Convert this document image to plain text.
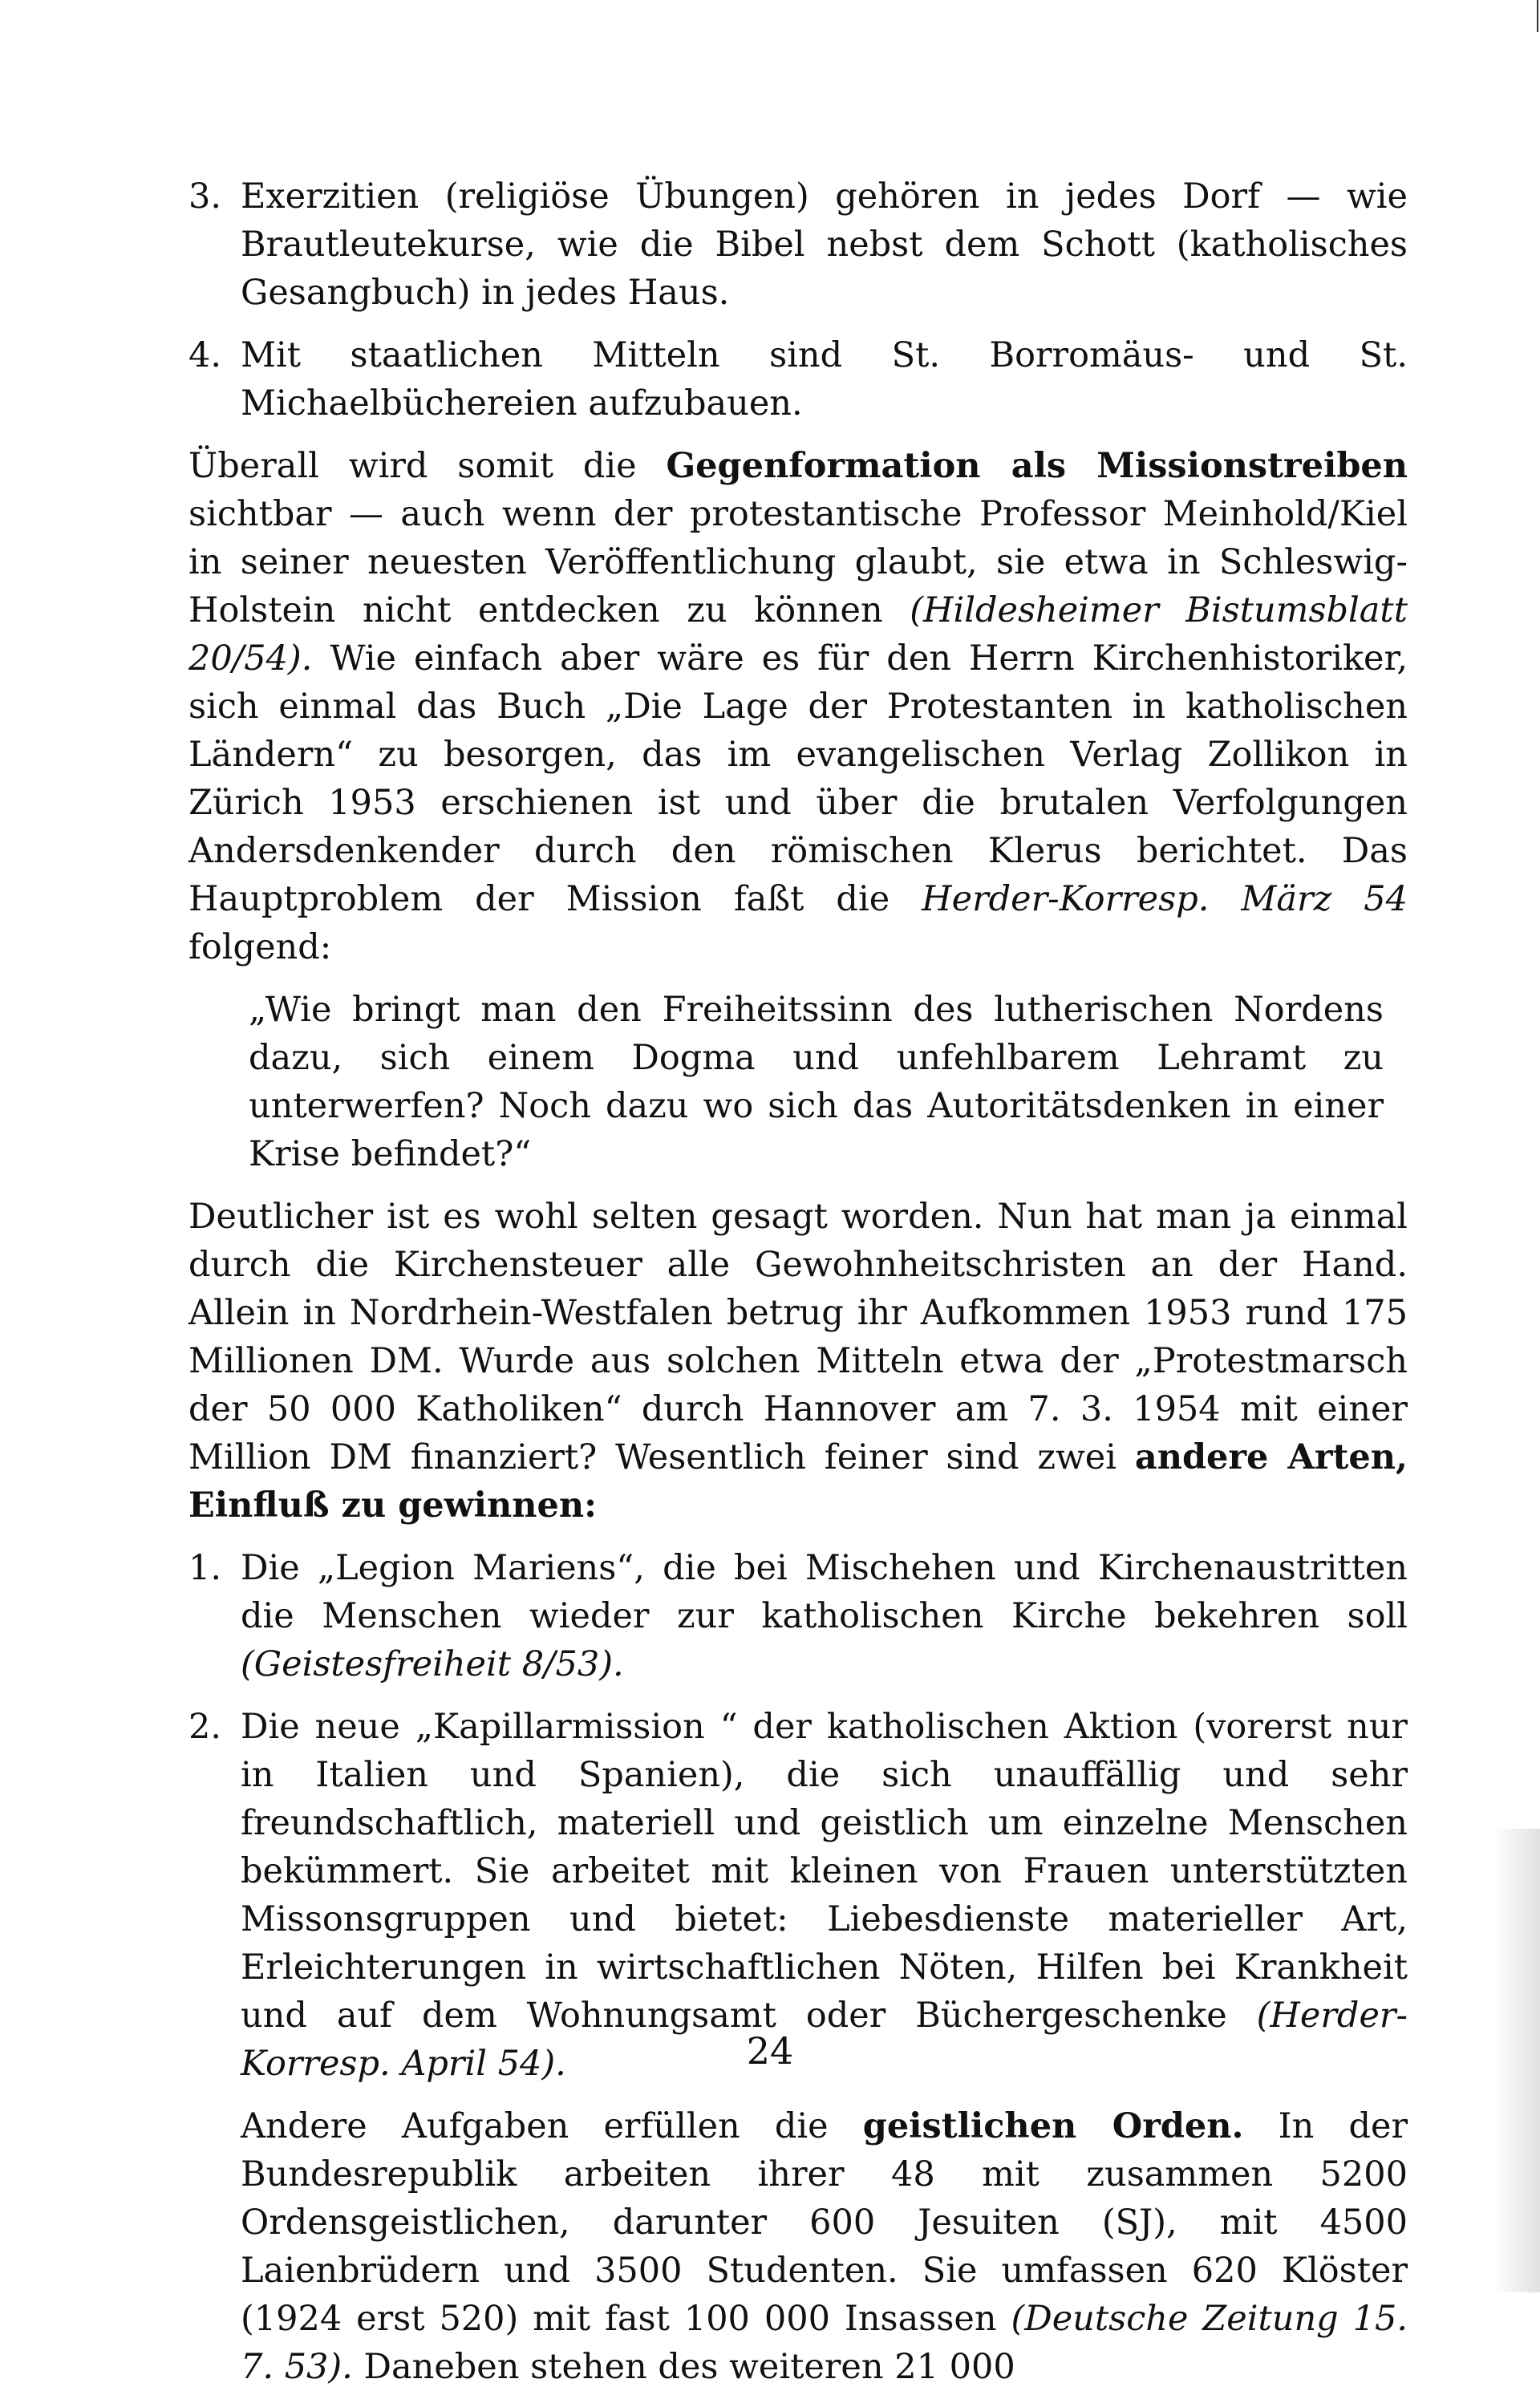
3. Exerzitien (religiöse Übungen) gehören in jedes Dorf — wie Brautleutekurse, wie die Bibel nebst dem Schott (katholisches Gesangbuch) in jedes Haus.
4. Mit staatlichen Mitteln sind St. Borromäus- und St. Michaelbüchereien aufzubauen.

Überall wird somit die Gegenformation als Missionstreiben sichtbar — auch wenn der protestantische Professor Meinhold/Kiel in seiner neuesten Veröffentlichung glaubt, sie etwa in Schleswig-Holstein nicht entdecken zu können (Hildesheimer Bistumsblatt 20/54). Wie einfach aber wäre es für den Herrn Kirchenhistoriker, sich einmal das Buch „Die Lage der Protestanten in katholischen Ländern“ zu besorgen, das im evangelischen Verlag Zollikon in Zürich 1953 erschienen ist und über die brutalen Verfolgungen Andersdenkender durch den römischen Klerus berichtet. Das Hauptproblem der Mission faßt die Herder-Korresp. März 54 folgend:

„Wie bringt man den Freiheitssinn des lutherischen Nordens dazu, sich einem Dogma und unfehlbarem Lehramt zu unterwerfen? Noch dazu wo sich das Autoritätsdenken in einer Krise befindet?“

Deutlicher ist es wohl selten gesagt worden. Nun hat man ja einmal durch die Kirchensteuer alle Gewohnheitschristen an der Hand. Allein in Nordrhein-Westfalen betrug ihr Aufkommen 1953 rund 175 Millionen DM. Wurde aus solchen Mitteln etwa der „Protestmarsch der 50 000 Katholiken“ durch Hannover am 7. 3. 1954 mit einer Million DM finanziert? Wesentlich feiner sind zwei andere Arten, Einfluß zu gewinnen:

1. Die „Legion Mariens“, die bei Mischehen und Kirchenaustritten die Menschen wieder zur katholischen Kirche bekehren soll (Geistesfreiheit 8/53).
2. Die neue „Kapillarmission “ der katholischen Aktion (vorerst nur in Italien und Spanien), die sich unauffällig und sehr freundschaftlich, materiell und geistlich um einzelne Menschen bekümmert. Sie arbeitet mit kleinen von Frauen unterstützten Missonsgruppen und bietet: Liebesdienste materieller Art, Erleichterungen in wirtschaftlichen Nöten, Hilfen bei Krankheit und auf dem Wohnungsamt oder Büchergeschenke (Herder-Korresp. April 54).

Andere Aufgaben erfüllen die geistlichen Orden. In der Bundesrepublik arbeiten ihrer 48 mit zusammen 5200 Ordensgeistlichen, darunter 600 Jesuiten (SJ), mit 4500 Laienbrüdern und 3500 Studenten. Sie umfassen 620 Klöster (1924 erst 520) mit fast 100 000 Insassen (Deutsche Zeitung 15. 7. 53). Daneben stehen des weiteren 21 000

24
